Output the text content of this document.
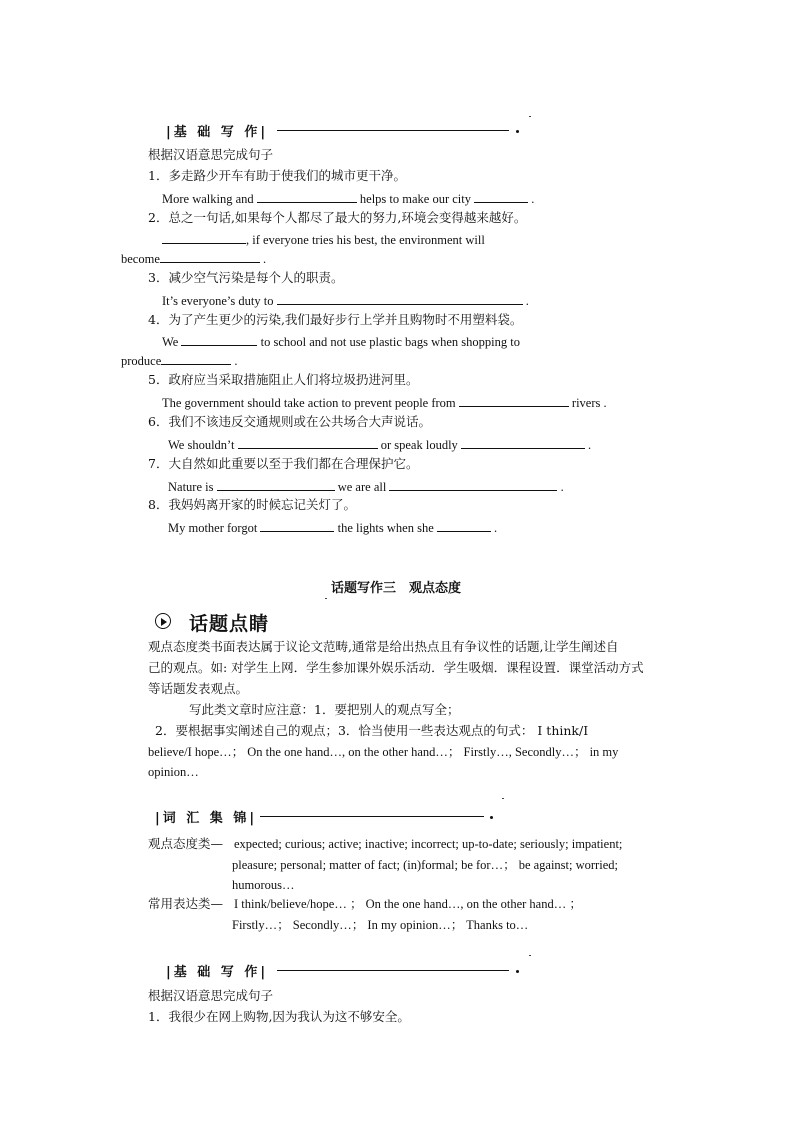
|基 础 写 作|
根据汉语意思完成句子
1．多走路少开车有助于使我们的城市更干净。
More walking and	helps to make our city	.
2．总之一句话,如果每个人都尽了最大的努力,环境会变得越来越好。
, if everyone tries his best, the environment will
become	.
3．减少空气污染是每个人的职责。
It’s everyone’s duty to	.
4．为了产生更少的污染,我们最好步行上学并且购物时不用塑料袋。
We	to school and not use plastic bags when shopping to
produce	.
5．政府应当采取措施阻止人们将垃圾扔进河里。
The government should take action to prevent people from	rivers .
6．我们不该违反交通规则或在公共场合大声说话。
We shouldn’t	or speak loudly	.
7．大自然如此重要以至于我们都在合理保护它。
Nature is	we are all	.
8．我妈妈离开家的时候忘记关灯了。
My mother forgot	the lights when she	.
话题写作三　观点态度
话题点睛
观点态度类书面表达属于议论文范畴,通常是给出热点且有争议性的话题,让学生阐述自
己的观点。如: 对学生上网．学生参加课外娱乐活动．学生吸烟．课程设置．课堂活动方式
等话题发表观点。
写此类文章时应注意：1．要把别人的观点写全；
2．要根据事实阐述自己的观点；3．恰当使用一些表达观点的句式： I think/I
believe/I hope…； On the one hand…, on the other hand…； Firstly…, Secondly…； in my
opinion…
|词 汇 集 锦|
观点态度类— expected; curious; active; inactive; incorrect; up-to-date; seriously; impatient;
pleasure; personal; matter of fact; (in)formal; be for…； be against; worried;
humorous…
常用表达类— I think/believe/hope… ； On the one hand…, on the other hand… ；
Firstly…； Secondly…； In my opinion…； Thanks to…
|基 础 写 作|
根据汉语意思完成句子
1．我很少在网上购物,因为我认为这不够安全。
